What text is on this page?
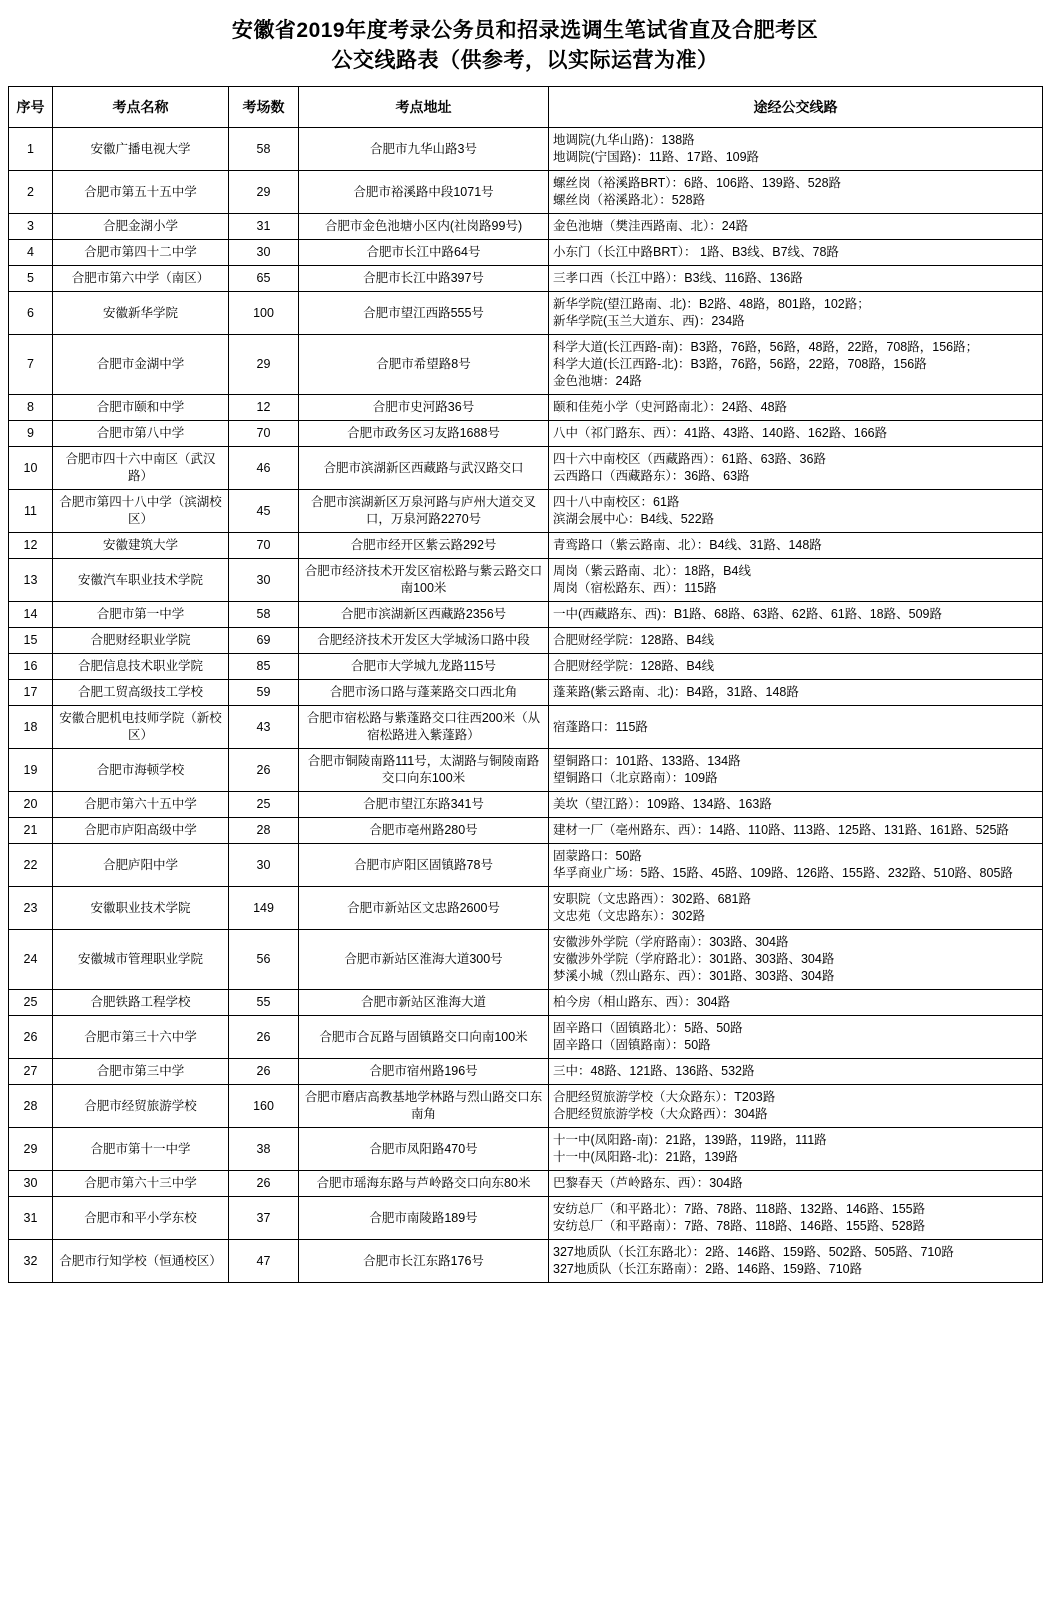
安徽省2019年度考录公务员和招录选调生笔试省直及合肥考区
公交线路表（供参考，以实际运营为准）
序号	考点名称	考场数	考点地址	途经公交线路
1	安徽广播电视大学	58	合肥市九华山路3号	地调院(九华山路)：138路
地调院(宁国路)：11路、17路、109路

2	合肥市第五十五中学	29	合肥市裕溪路中段1071号	螺丝岗（裕溪路BRT）：6路、106路、139路、528路
螺丝岗（裕溪路北）：528路

3	合肥金湖小学	31	合肥市金色池塘小区内(社岗路99号)	金色池塘（樊洼西路南、北）：24路

4	合肥市第四十二中学	30	合肥市长江中路64号	小东门（长江中路BRT）： 1路、B3线、B7线、78路

5	合肥市第六中学（南区）	65	合肥市长江中路397号	三孝口西（长江中路）：B3线、116路、136路

6	安徽新华学院	100	合肥市望江西路555号	新华学院(望江路南、北)：B2路、48路，801路，102路；
新华学院(玉兰大道东、西)：234路

7	合肥市金湖中学	29	合肥市希望路8号	科学大道(长江西路-南)：B3路，76路，56路，48路，22路，708路，156路；
科学大道(长江西路-北)：B3路，76路，56路，22路，708路，156路
金色池塘：24路

8	合肥市颐和中学	12	合肥市史河路36号	颐和佳苑小学（史河路南北）：24路、48路

9	合肥市第八中学	70	合肥市政务区习友路1688号	八中（祁门路东、西）：41路、43路、140路、162路、166路

10	合肥市四十六中南区（武汉路）	46	合肥市滨湖新区西藏路与武汉路交口	四十六中南校区（西藏路西）：61路、63路、36路
云西路口（西藏路东）：36路、63路

11	合肥市第四十八中学（滨湖校区）	45	合肥市滨湖新区万泉河路与庐州大道交叉口，万泉河路2270号	四十八中南校区：61路
滨湖会展中心：B4线、522路

12	安徽建筑大学	70	合肥市经开区紫云路292号	青鸾路口（紫云路南、北）：B4线、31路、148路

13	安徽汽车职业技术学院	30	合肥市经济技术开发区宿松路与紫云路交口南100米	周岗（紫云路南、北）：18路，B4线
周岗（宿松路东、西）：115路

14	合肥市第一中学	58	合肥市滨湖新区西藏路2356号	一中(西藏路东、西)：B1路、68路、63路、62路、61路、18路、509路

15	合肥财经职业学院	69	合肥经济技术开发区大学城汤口路中段	合肥财经学院：128路、B4线

16	合肥信息技术职业学院	85	合肥市大学城九龙路115号	合肥财经学院：128路、B4线

17	合肥工贸高级技工学校	59	合肥市汤口路与蓬莱路交口西北角	蓬莱路(紫云路南、北)：B4路，31路、148路

18	安徽合肥机电技师学院（新校区）	43	合肥市宿松路与紫蓬路交口往西200米（从宿松路进入紫蓬路）	宿蓬路口：115路

19	合肥市海顿学校	26	合肥市铜陵南路111号，太湖路与铜陵南路交口向东100米	望铜路口：101路、133路、134路
望铜路口（北京路南）：109路

20	合肥市第六十五中学	25	合肥市望江东路341号	美坎（望江路）：109路、134路、163路

21	合肥市庐阳高级中学	28	合肥市亳州路280号	建材一厂（亳州路东、西）：14路、110路、113路、125路、131路、161路、525路

22	合肥庐阳中学	30	合肥市庐阳区固镇路78号	固蒙路口：50路
华孚商业广场：5路、15路、45路、109路、126路、155路、232路、510路、805路

23	安徽职业技术学院	149	合肥市新站区文忠路2600号	安职院（文忠路西）：302路、681路
文忠苑（文忠路东）：302路

24	安徽城市管理职业学院	56	合肥市新站区淮海大道300号	安徽涉外学院（学府路南）：303路、304路
安徽涉外学院（学府路北）：301路、303路、304路
梦溪小城（烈山路东、西）：301路、303路、304路

25	合肥铁路工程学校	55	合肥市新站区淮海大道	柏今房（相山路东、西）：304路

26	合肥市第三十六中学	26	合肥市合瓦路与固镇路交口向南100米	固辛路口（固镇路北）：5路、50路
固辛路口（固镇路南）：50路

27	合肥市第三中学	26	合肥市宿州路196号	三中：48路、121路、136路、532路

28	合肥市经贸旅游学校	160	合肥市磨店高教基地学林路与烈山路交口东南角	合肥经贸旅游学校（大众路东）：T203路
合肥经贸旅游学校（大众路西）：304路

29	合肥市第十一中学	38	合肥市凤阳路470号	十一中(凤阳路-南)：21路，139路，119路，111路
十一中(凤阳路-北)：21路，139路

30	合肥市第六十三中学	26	合肥市瑶海东路与芦岭路交口向东80米	巴黎春天（芦岭路东、西）：304路

31	合肥市和平小学东校	37	合肥市南陵路189号	安纺总厂（和平路北）：7路、78路、118路、132路、146路、155路
安纺总厂（和平路南）：7路、78路、118路、146路、155路、528路

32	合肥市行知学校（恒通校区）	47	合肥市长江东路176号	327地质队（长江东路北）：2路、146路、159路、502路、505路、710路
327地质队（长江东路南）：2路、146路、159路、710路
